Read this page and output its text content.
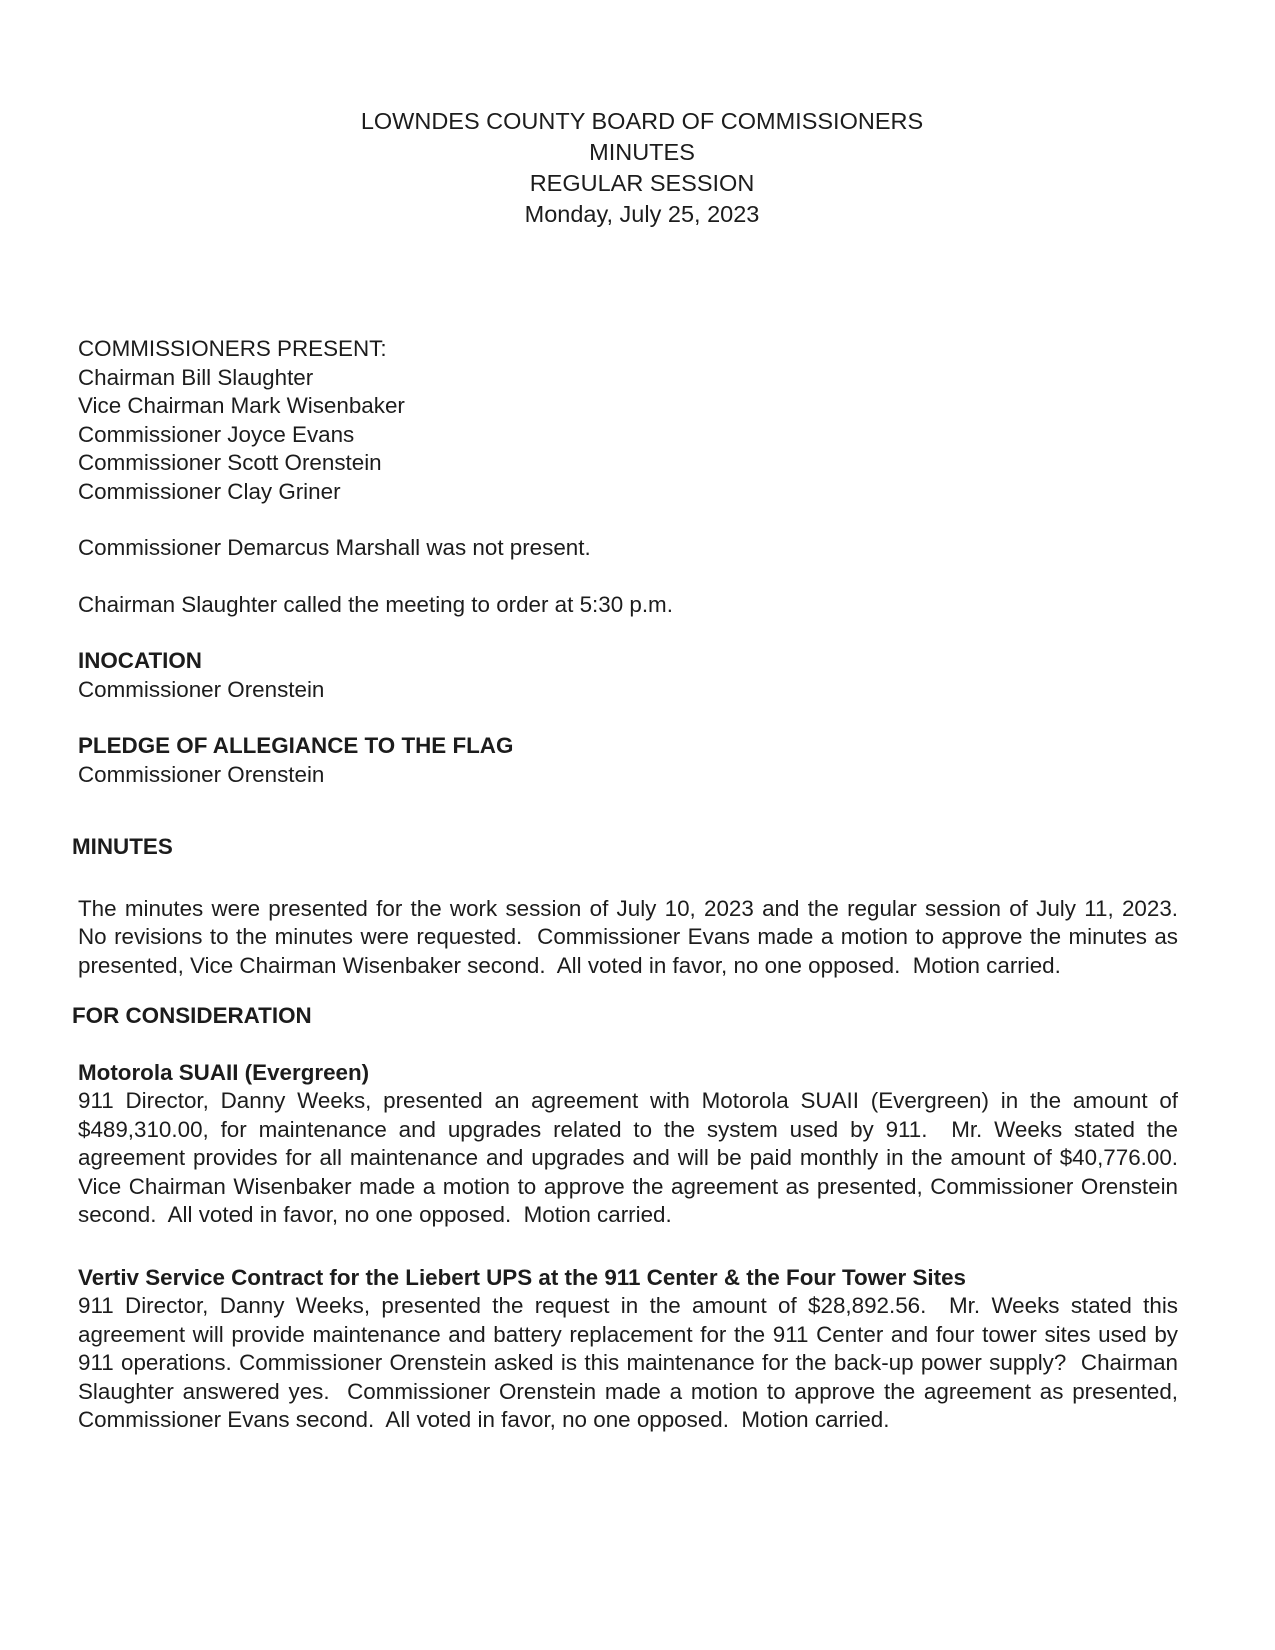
LOWNDES COUNTY BOARD OF COMMISSIONERS
MINUTES
REGULAR SESSION
Monday, July 25, 2023
COMMISSIONERS PRESENT:
Chairman Bill Slaughter
Vice Chairman Mark Wisenbaker
Commissioner Joyce Evans
Commissioner Scott Orenstein
Commissioner Clay Griner
Commissioner Demarcus Marshall was not present.
Chairman Slaughter called the meeting to order at 5:30 p.m.
INOCATION
Commissioner Orenstein
PLEDGE OF ALLEGIANCE TO THE FLAG
Commissioner Orenstein
MINUTES
The minutes were presented for the work session of July 10, 2023 and the regular session of July 11, 2023.  No revisions to the minutes were requested.  Commissioner Evans made a motion to approve the minutes as presented, Vice Chairman Wisenbaker second.  All voted in favor, no one opposed.  Motion carried.
FOR CONSIDERATION
Motorola SUAII (Evergreen)
911 Director, Danny Weeks, presented an agreement with Motorola SUAII (Evergreen) in the amount of $489,310.00, for maintenance and upgrades related to the system used by 911.  Mr. Weeks stated the agreement provides for all maintenance and upgrades and will be paid monthly in the amount of $40,776.00.  Vice Chairman Wisenbaker made a motion to approve the agreement as presented, Commissioner Orenstein second.  All voted in favor, no one opposed.  Motion carried.
Vertiv Service Contract for the Liebert UPS at the 911 Center & the Four Tower Sites
911 Director, Danny Weeks, presented the request in the amount of $28,892.56.  Mr. Weeks stated this agreement will provide maintenance and battery replacement for the 911 Center and four tower sites used by 911 operations. Commissioner Orenstein asked is this maintenance for the back-up power supply?  Chairman Slaughter answered yes.  Commissioner Orenstein made a motion to approve the agreement as presented, Commissioner Evans second.  All voted in favor, no one opposed.  Motion carried.
